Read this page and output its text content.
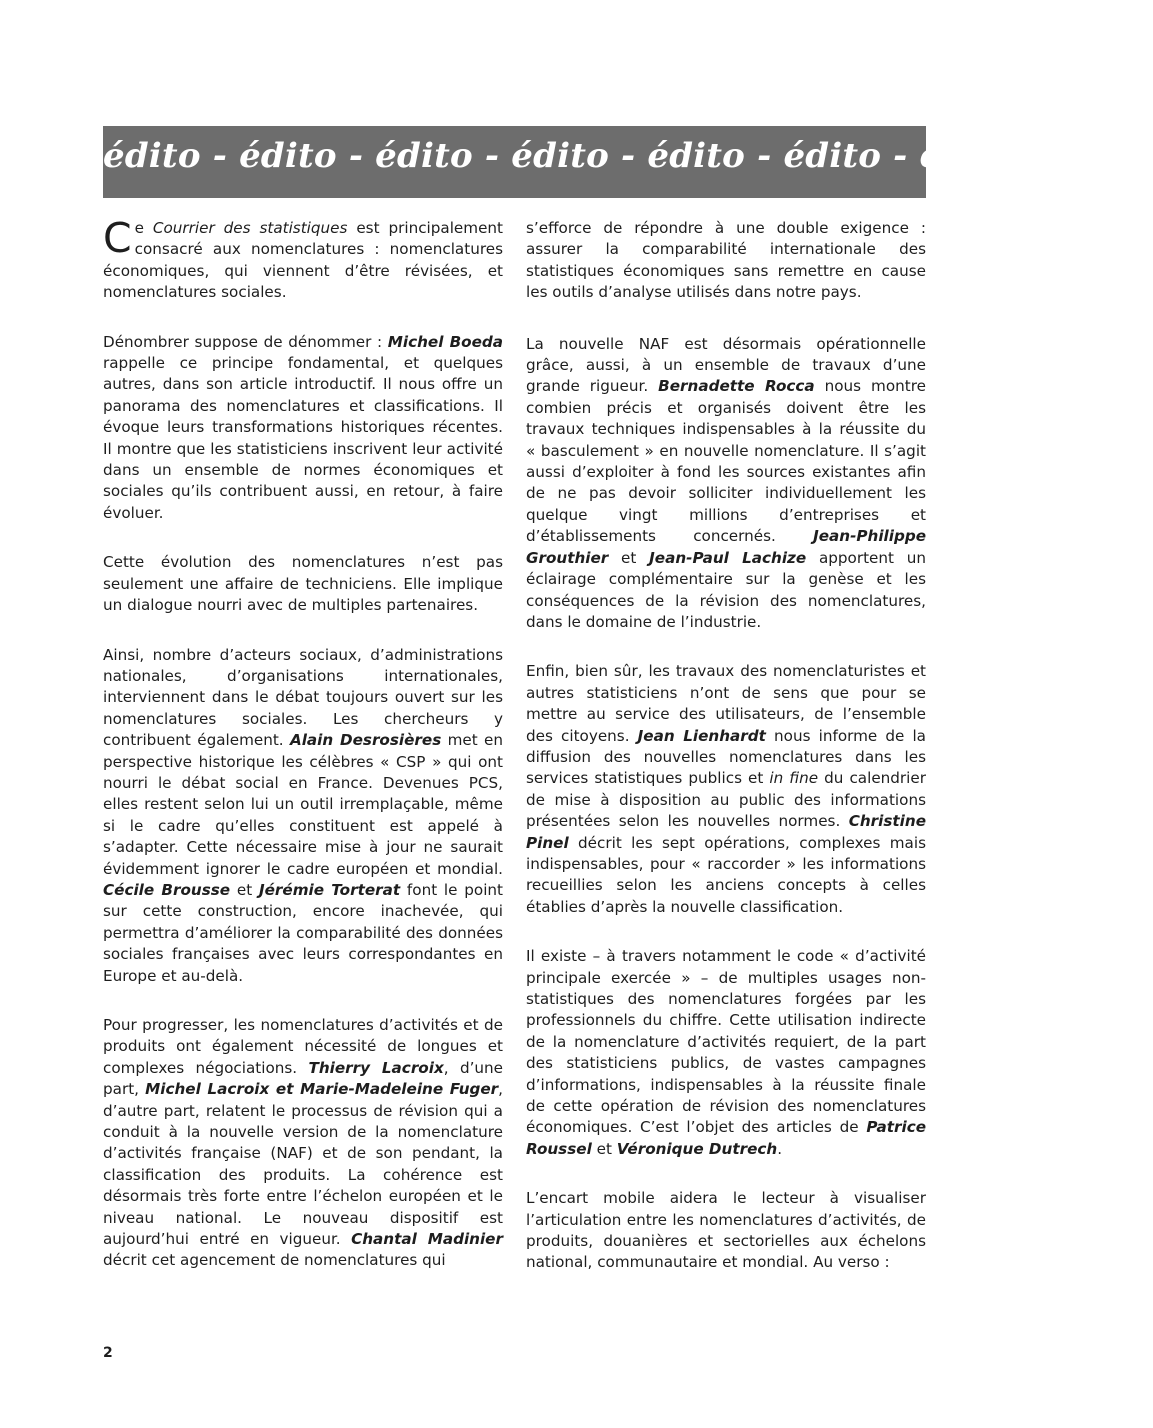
édito - édito - édito - édito - édito - édito - édito - édito

Ce Courrier des statistiques est principalement consacré aux nomenclatures : nomenclatures économiques, qui viennent d’être révisées, et nomenclatures sociales.

Dénombrer suppose de dénommer : Michel Boeda rappelle ce principe fondamental, et quelques autres, dans son article introductif. Il nous offre un panorama des nomenclatures et classifications. Il évoque leurs transformations historiques récentes. Il montre que les statisticiens inscrivent leur activité dans un ensemble de normes économiques et sociales qu’ils contribuent aussi, en retour, à faire évoluer.

Cette évolution des nomenclatures n’est pas seulement une affaire de techniciens. Elle implique un dialogue nourri avec de multiples partenaires.

Ainsi, nombre d’acteurs sociaux, d’administrations nationales, d’organisations internationales, interviennent dans le débat toujours ouvert sur les nomenclatures sociales. Les chercheurs y contribuent également. Alain Desrosières met en perspective historique les célèbres « CSP » qui ont nourri le débat social en France. Devenues PCS, elles restent selon lui un outil irremplaçable, même si le cadre qu’elles constituent est appelé à s’adapter. Cette nécessaire mise à jour ne saurait évidemment ignorer le cadre européen et mondial. Cécile Brousse et Jérémie Torterat font le point sur cette construction, encore inachevée, qui permettra d’améliorer la comparabilité des données sociales françaises avec leurs correspondantes en Europe et au-delà.

Pour progresser, les nomenclatures d’activités et de produits ont également nécessité de longues et complexes négociations. Thierry Lacroix, d’une part, Michel Lacroix et Marie-Madeleine Fuger, d’autre part, relatent le processus de révision qui a conduit à la nouvelle version de la nomenclature d’activités française (NAF) et de son pendant, la classification des produits. La cohérence est désormais très forte entre l’échelon européen et le niveau national. Le nouveau dispositif est aujourd’hui entré en vigueur. Chantal Madinier décrit cet agencement de nomenclatures qui

s’efforce de répondre à une double exigence : assurer la comparabilité internationale des statistiques économiques sans remettre en cause les outils d’analyse utilisés dans notre pays.

La nouvelle NAF est désormais opérationnelle grâce, aussi, à un ensemble de travaux d’une grande rigueur. Bernadette Rocca nous montre combien précis et organisés doivent être les travaux techniques indispensables à la réussite du « basculement » en nouvelle nomenclature. Il s’agit aussi d’exploiter à fond les sources existantes afin de ne pas devoir solliciter individuellement les quelque vingt millions d’entreprises et d’établissements concernés. Jean-Philippe Grouthier et Jean-Paul Lachize apportent un éclairage complémentaire sur la genèse et les conséquences de la révision des nomenclatures, dans le domaine de l’industrie.

Enfin, bien sûr, les travaux des nomenclaturistes et autres statisticiens n’ont de sens que pour se mettre au service des utilisateurs, de l’ensemble des citoyens. Jean Lienhardt nous informe de la diffusion des nouvelles nomenclatures dans les services statistiques publics et in fine du calendrier de mise à disposition au public des informations présentées selon les nouvelles normes. Christine Pinel décrit les sept opérations, complexes mais indispensables, pour « raccorder » les informations recueillies selon les anciens concepts à celles établies d’après la nouvelle classification.

Il existe – à travers notamment le code « d’activité principale exercée » – de multiples usages non-statistiques des nomenclatures forgées par les professionnels du chiffre. Cette utilisation indirecte de la nomenclature d’activités requiert, de la part des statisticiens publics, de vastes campagnes d’informations, indispensables à la réussite finale de cette opération de révision des nomenclatures économiques. C’est l’objet des articles de Patrice Roussel et Véronique Dutrech.

L’encart mobile aidera le lecteur à visualiser l’articulation entre les nomenclatures d’activités, de produits, douanières et sectorielles aux échelons national, communautaire et mondial. Au verso :

2
